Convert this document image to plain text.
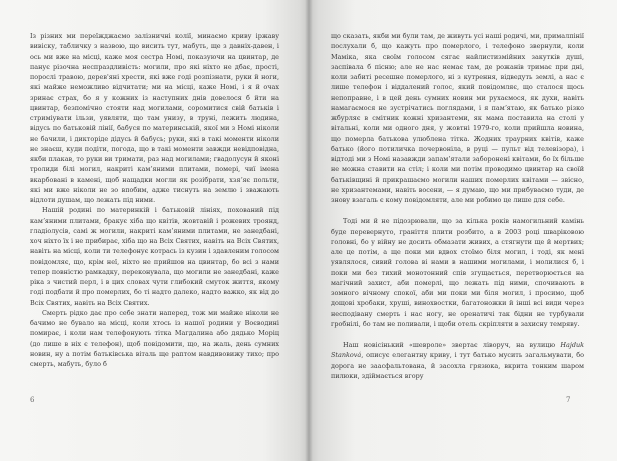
Із різних ми переїжджаємо залізничні колії, минаємо криву іржаву вивіску, табличку з назвою, що висить тут, мабуть, ще з давніх-давен, і ось ми вже на місці, каже моя сестра Номі, показуючи на цвинтар, де панує різочна неспраздливість: могили, про які ніхто не дбає, прості, порослі травою, дерев'яні хрести, які вже годі розпізнати, руки й ноги, які майже неможливо відчитати; ми на місці, каже Номі, і я й очах зринає страх, бо я у кожних із наступних днів довелося б йти на цвинтар, безпомічно стояти над могилами, соромитися свій батьків і стриміувати ільзи, уявляти, що там унизу, в труні, лежить людина, відусь по батьковій лінії, бабуся по материнській, якої ми з Номі ніколи не бачили, і дикторіде дідусь й бабусь; руки, які в такі моменти ніколи не знаєш, куди подіти, погода, що в такі моменти завжди невідповідна, якби плакав, то руки ви тримати, раз над могилами; гвадолусун й яконі тролиди білі могил, накриті камʼяними плитами, помері, чиї імена вкарбовані в камені, щоб нащадки могли як розібрати, хзяʼяє польти, які ми вже ніколи не зо впобим, адже тиснуть на землю і зважають відлоти душам, що лежать під ними.

Нашій родині по материнкій і батьковій лініях, похований під камʼяними плитами, бракує хіба що квітів, жовтавій і рожевих троянд, гладіолусів, самі ж могили, накриті камʼяними плитами, не занедбані, хоч ніхто їх і не прибирає, хіба що на Всіх Святих, навіть на Всіх Святих, навіть на місці, коли ти телефонує котрась із кузин і здавленим голосом повідомляє, що, крім неї, ніхто не прийшов на цвинтар, бо всі з нами тепер повністю рамкадку, переконувала, що могили не занедбані, каже ріка з чистий перл, і в цих словах чути глибокий смуток життя, якому годі подбати й про померлих, бо ті надто далеко, надто важко, як від до Всіх Святих, навіть на Всіх Святих.

Смерть рідко дає про себе знати наперед, тож ми майже ніколи не бачимо не бувало на місці, коли хтось із нашої родини у Воєводині помирає, і коли нам телефонують тітка Магдалина або дядько Моріц (до лише в ніх є телефон), щоб повідомити, що, на жаль, день сумних новин, ну а потім батьківська віталь ще раптом навдивовижу тихо; про смерть, мабуть, було б

6

що сказать, якби ми були там, де живуть усі наші родичі, ми, прималпінії послухали б, що кажуть про померлого, і телефоно звернули, коли Маміка, яка своїм голосом сягає найлистизмійних закутків душі, заспівала б пісню; але не нас немає там, де рожанів тримає при дні, коли забиті ресешне померлого, ні з кутрення, відведуть землі, а нас є лише телефон і віддалений голос, який повідомляє, що сталося щось непоправне, і в цей день сумних новин ми рухаємося, як духи, навіть намагаємося не зустрічатись поглядами, і я памʼятаю, як батько різко жбурляє в смітник кожні хризантеми, як мама поставила на столі у вітальні, коли ми одного дня, у жовтні 1979-го, коли прийшла новина, що померла батькова улюблена тітка. Жодних траурних квітів, каже батько (його потиличка почервоніла, в руці — пульт від телевізора), і відтоді ми з Номі назавжди запамʼятали заборонені квітами, бо їх більше не можна ставити на стіл; і коли ми потім проводимо цвинтар на своїй батьківщині й прикрашаємо могили наших померлих квітами — звісно, не хризантемами, навіть восени, — я думаю, що ми прибуваємо туди, де знову взагаль є кому повідомляти, але ми робимо це лише для себе.

Тоді ми й не підозрювали, що за кілька років намогильний камінь буде перевернуто, граніття плити розбито, а в 2003 році шваріковою головні, бо у війну не досить обмазати живих, а стягнути ще й мертвих; але це потім, а ще поки ми вдвох стоїмо біля могил, і тоді, як мені уявлялося, сивий голова ві нами в нашими могилами, і молилися б, і поки ми без тихий монотонний спів згущається, перетворюється на магічний захист, аби померлі, що лежать під ними, спочивають в зомного вічному спокої, аби ми поки ми біля могил, і просимо, щоб дощові хробаки, хруші, винохвостки, багатоножки й інші всі види через несподівану смерть і нас ногу, не оренатичі так бідни не турбували гробнілі, бо там не поливали, і щоби отель скріпляти в захисну темряву.

Наш новісінький «шевроле» звертає ліворуч, на вулицю Hajduk Stanková, описує елегантну криву, і тут батько мусить загальмувати, бо дорога не заасфальтована, й засохла грязюка, вкрита тонким шаром пилюки, здіймається вгору

7
